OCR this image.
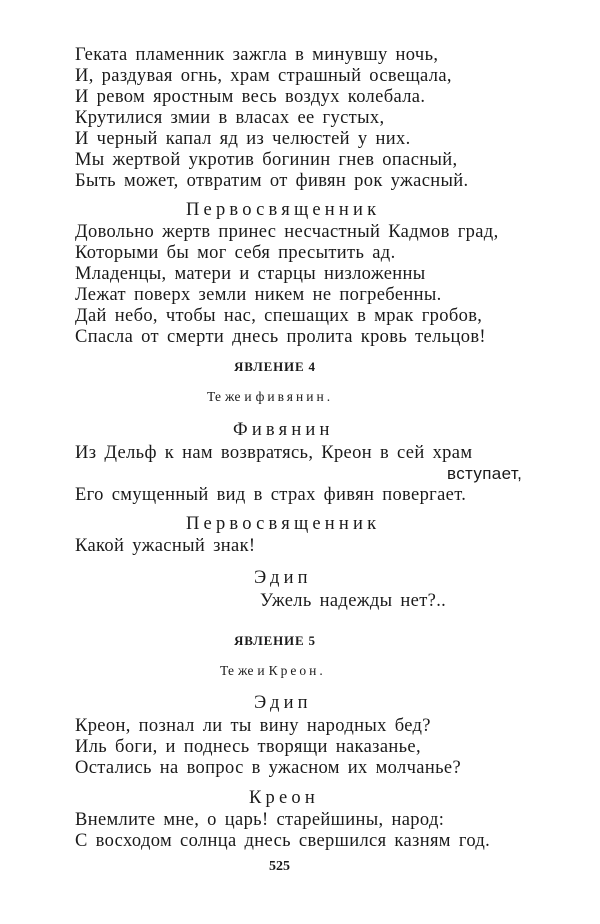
Геката пламенник зажгла в минувшу ночь,
И, раздувая огнь, храм страшный освещала,
И ревом яростным весь воздух колебала.
Крутилися змии в власах ее густых,
И черный капал яд из челюстей у них.
Мы жертвой укротив богинин гнев опасный,
Быть может, отвратим от фивян рок ужасный.
Первосвященник
Довольно жертв принес несчастный Кадмов град,
Которыми бы мог себя пресытить ад.
Младенцы, матери и старцы низложенны
Лежат поверх земли никем не погребенны.
Дай небо, чтобы нас, спешащих в мрак гробов,
Спасла от смерти днесь пролита кровь тельцов!
ЯВЛЕНИЕ 4
Те же и фивянин.
Фивянин
Из Дельф к нам возвратясь, Креон в сей храм
вступает,
Его смущенный вид в страх фивян повергает.
Первосвященник
Какой ужасный знак!
Эдип
Ужель надежды нет?..
ЯВЛЕНИЕ 5
Те же и Креон.
Эдип
Креон, познал ли ты вину народных бед?
Иль боги, и поднесь творящи наказанье,
Остались на вопрос в ужасном их молчанье?
Креон
Внемлите мне, о царь! старейшины, народ:
С восходом солнца днесь свершился казням год.
525
